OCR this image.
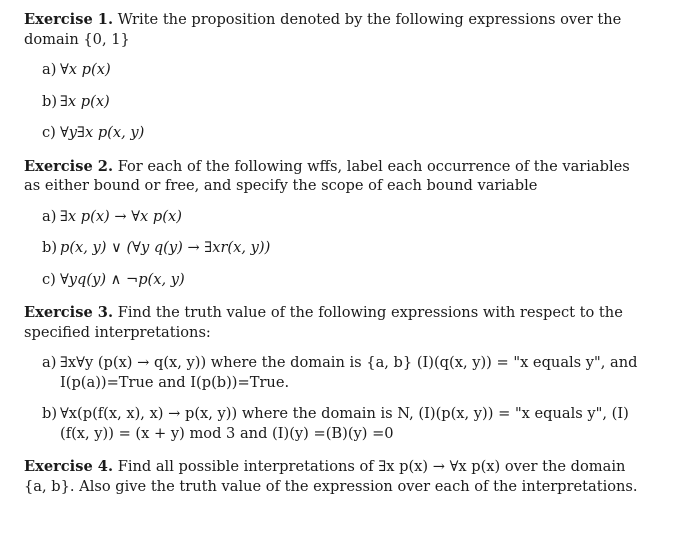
Exercise 1. Write the proposition denoted by the following expressions over the domain {0, 1}

a) ∀x p(x)
b) ∃x p(x)
c) ∀y∃x p(x, y)

Exercise 2. For each of the following wffs, label each occurrence of the variables as either bound or free, and specify the scope of each bound variable

a) ∃x p(x) → ∀x p(x)
b) p(x, y) ∨ (∀y q(y) → ∃xr(x, y))
c) ∀yq(y) ∧ ¬p(x, y)

Exercise 3. Find the truth value of the following expressions with respect to the specified interpretations:

a) ∃x∀y (p(x) → q(x, y)) where the domain is {a, b} (I)(q(x, y)) = "x equals y", and I(p(a))=True and I(p(b))=True.
b) ∀x(p(f(x, x), x) → p(x, y)) where the domain is N, (I)(p(x, y)) = "x equals y", (I)(f(x, y)) = (x + y) mod 3 and (I)(y) =(B)(y) =0

Exercise 4. Find all possible interpretations of ∃x p(x) → ∀x p(x) over the domain {a, b}. Also give the truth value of the expression over each of the interpretations.
